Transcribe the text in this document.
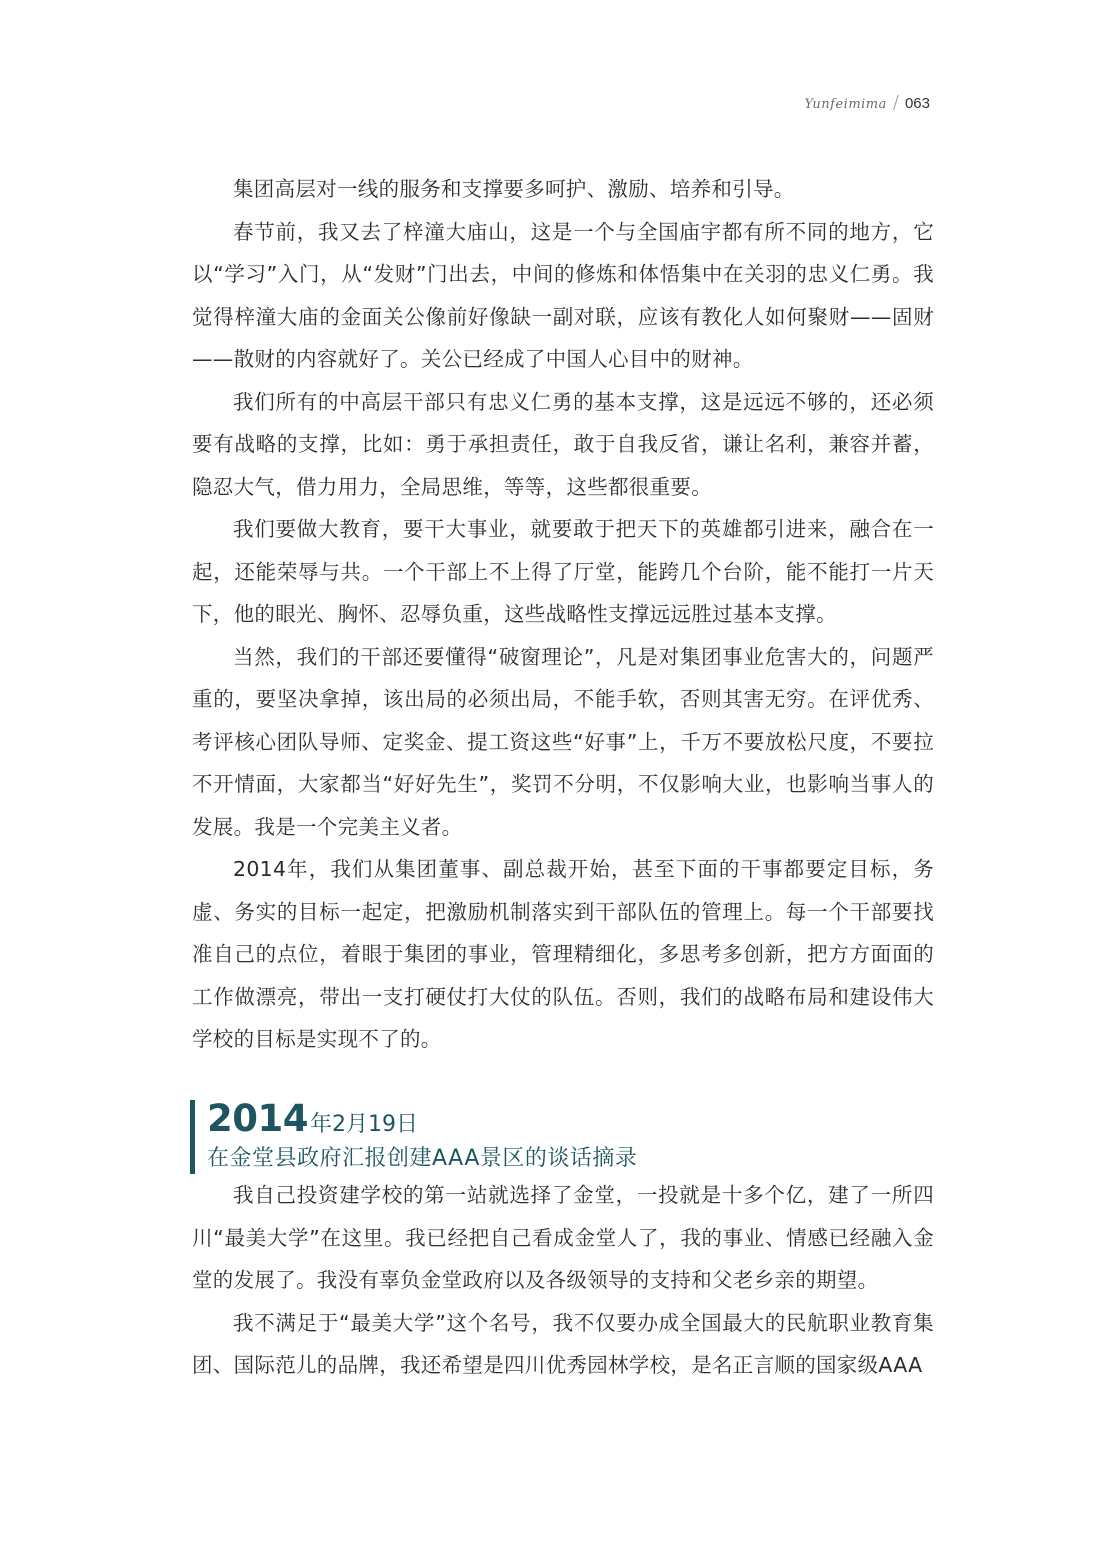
Yunfeimima / 063

集团高层对一线的服务和支撑要多呵护、激励、培养和引导。

春节前，我又去了梓潼大庙山，这是一个与全国庙宇都有所不同的地方，它以“学习”入门，从“发财”门出去，中间的修炼和体悟集中在关羽的忠义仁勇。我觉得梓潼大庙的金面关公像前好像缺一副对联，应该有教化人如何聚财——固财——散财的内容就好了。关公已经成了中国人心目中的财神。

我们所有的中高层干部只有忠义仁勇的基本支撑，这是远远不够的，还必须要有战略的支撑，比如：勇于承担责任，敢于自我反省，谦让名利，兼容并蓄，隐忍大气，借力用力，全局思维，等等，这些都很重要。

我们要做大教育，要干大事业，就要敢于把天下的英雄都引进来，融合在一起，还能荣辱与共。一个干部上不上得了厅堂，能跨几个台阶，能不能打一片天下，他的眼光、胸怀、忍辱负重，这些战略性支撑远远胜过基本支撑。

当然，我们的干部还要懂得“破窗理论”，凡是对集团事业危害大的，问题严重的，要坚决拿掉，该出局的必须出局，不能手软，否则其害无穷。在评优秀、考评核心团队导师、定奖金、提工资这些“好事”上，千万不要放松尺度，不要拉不开情面，大家都当“好好先生”，奖罚不分明，不仅影响大业，也影响当事人的发展。我是一个完美主义者。

2014年，我们从集团董事、副总裁开始，甚至下面的干事都要定目标，务虚、务实的目标一起定，把激励机制落实到干部队伍的管理上。每一个干部要找准自己的点位，着眼于集团的事业，管理精细化，多思考多创新，把方方面面的工作做漂亮，带出一支打硬仗打大仗的队伍。否则，我们的战略布局和建设伟大学校的目标是实现不了的。

2014 年2月19日

在金堂县政府汇报创建AAA景区的谈话摘录

我自己投资建学校的第一站就选择了金堂，一投就是十多个亿，建了一所四川“最美大学”在这里。我已经把自己看成金堂人了，我的事业、情感已经融入金堂的发展了。我没有辜负金堂政府以及各级领导的支持和父老乡亲的期望。

我不满足于“最美大学”这个名号，我不仅要办成全国最大的民航职业教育集团、国际范儿的品牌，我还希望是四川优秀园林学校，是名正言顺的国家级AAA
